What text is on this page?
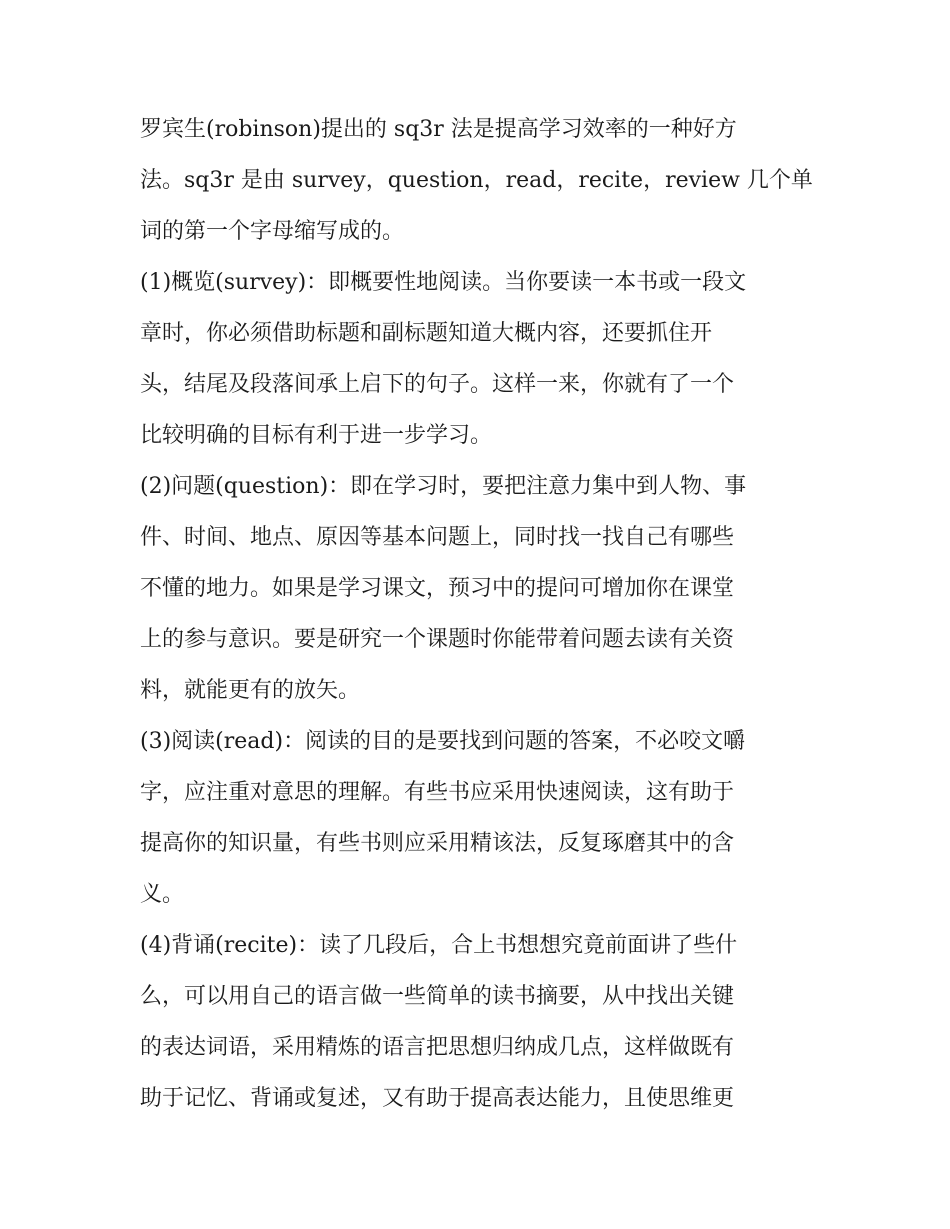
罗宾生(robinson)提出的 sq3r 法是提高学习效率的一种好方
法。sq3r 是由 survey，question，read，recite，review 几个单
词的第一个字母缩写成的。
(1)概览(survey)：即概要性地阅读。当你要读一本书或一段文
章时，你必须借助标题和副标题知道大概内容，还要抓住开
头，结尾及段落间承上启下的句子。这样一来，你就有了一个
比较明确的目标有利于进一步学习。
(2)问题(question)：即在学习时，要把注意力集中到人物、事
件、时间、地点、原因等基本问题上，同时找一找自己有哪些
不懂的地力。如果是学习课文，预习中的提问可增加你在课堂
上的参与意识。要是研究一个课题时你能带着问题去读有关资
料，就能更有的放矢。
(3)阅读(read)：阅读的目的是要找到问题的答案，不必咬文嚼
字，应注重对意思的理解。有些书应采用快速阅读，这有助于
提高你的知识量，有些书则应采用精该法，反复琢磨其中的含
义。
(4)背诵(recite)：读了几段后，合上书想想究竟前面讲了些什
么，可以用自己的语言做一些简单的读书摘要，从中找出关键
的表达词语，采用精炼的语言把思想归纳成几点，这样做既有
助于记忆、背诵或复述，又有助于提高表达能力，且使思维更
